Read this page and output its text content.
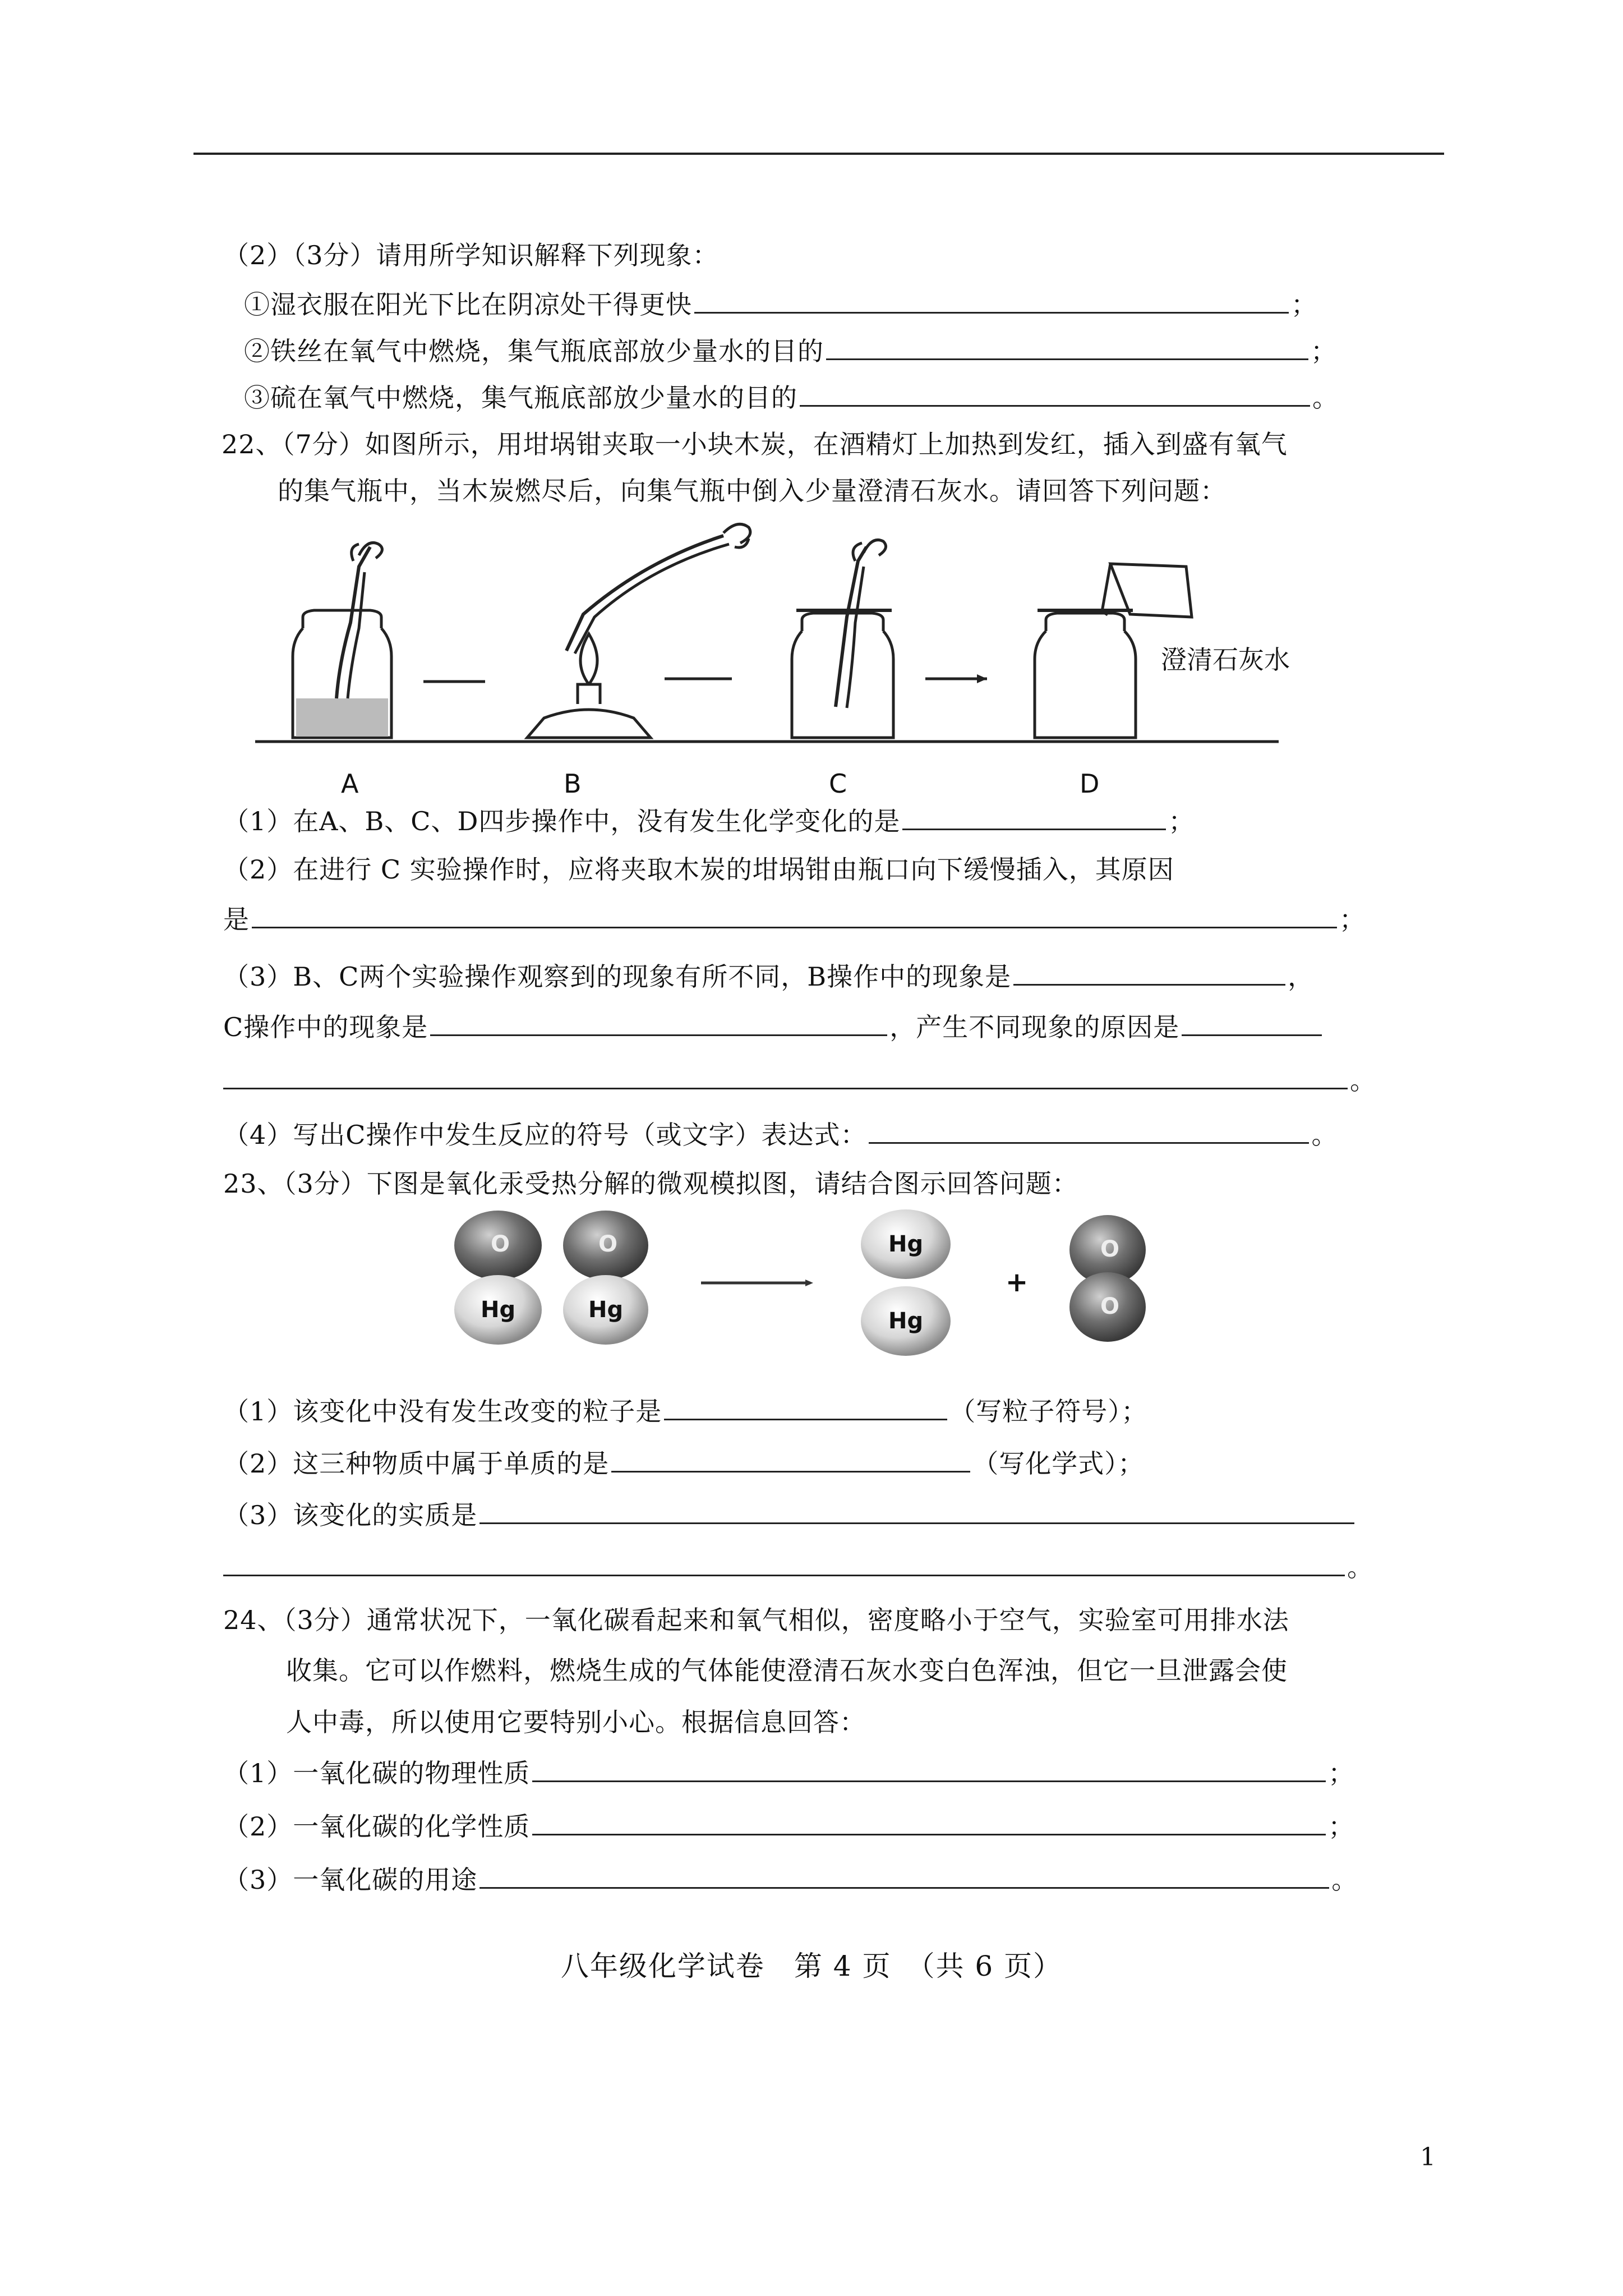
（2）（3分）请用所学知识解释下列现象：
①湿衣服在阳光下比在阴凉处干得更快	；
②铁丝在氧气中燃烧，集气瓶底部放少量水的目的	；
③硫在氧气中燃烧，集气瓶底部放少量水的目的	。
22、（7分）如图所示，用坩埚钳夹取一小块木炭，在酒精灯上加热到发红，插入到盛有氧气
的集气瓶中，当木炭燃尽后，向集气瓶中倒入少量澄清石灰水。请回答下列问题：
澄清石灰水
A	B	C	D
（1）在A、B、C、D四步操作中，没有发生化学变化的是	；
（2）在进行 C 实验操作时，应将夹取木炭的坩埚钳由瓶口向下缓慢插入，其原因
是	；
（3）B、C两个实验操作观察到的现象有所不同，B操作中的现象是	，
C操作中的现象是	，产生不同现象的原因是
。
（4）写出C操作中发生反应的符号（或文字）表达式：	。
23、（3分）下图是氧化汞受热分解的微观模拟图，请结合图示回答问题：
O
Hg
O
Hg
Hg
Hg
+
O
O
（1）该变化中没有发生改变的粒子是	（写粒子符号）；
（2）这三种物质中属于单质的是	（写化学式）；
（3）该变化的实质是
。
24、（3分）通常状况下，一氧化碳看起来和氧气相似，密度略小于空气，实验室可用排水法
收集。它可以作燃料，燃烧生成的气体能使澄清石灰水变白色浑浊，但它一旦泄露会使
人中毒，所以使用它要特别小心。根据信息回答：
（1）一氧化碳的物理性质	；
（2）一氧化碳的化学性质	；
（3）一氧化碳的用途	。
八年级化学试卷　第 4 页　（共 6 页）
1
